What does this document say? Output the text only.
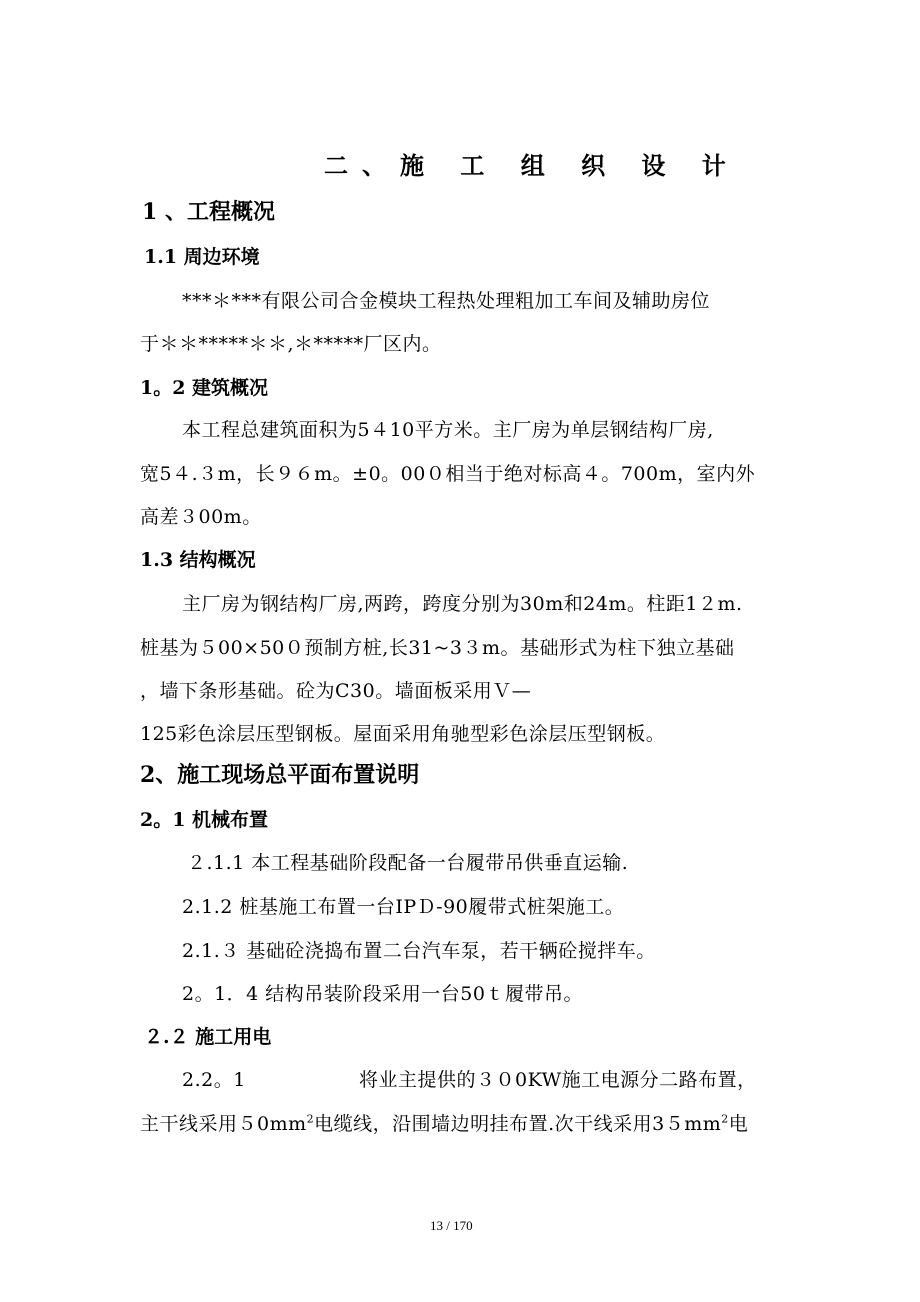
二、施 工 组 织 设 计
1 、工程概况
1.1 周边环境
***＊***有限公司合金模块工程热处理粗加工车间及辅助房位
于＊＊*****＊＊,＊*****厂区内。
1。2 建筑概况
本工程总建筑面积为5４10平方米。主厂房为单层钢结构厂房,
宽5４.３m，长９６m。±0。00０相当于绝对标高４。700m，室内外
高差３00m。
1.3 结构概况
主厂房为钢结构厂房,两跨，跨度分别为30m和24m。柱距1２m.
桩基为５00×50０预制方桩,长31~3３m。基础形式为柱下独立基础
，墙下条形基础。砼为C30。墙面板采用Ｖ—
125彩色涂层压型钢板。屋面采用角驰型彩色涂层压型钢板。
2、施工现场总平面布置说明
2。1 机械布置
２.1.1 本工程基础阶段配备一台履带吊供垂直运输.
2.1.2 桩基施工布置一台IPＤ-90履带式桩架施工。
2.1.３ 基础砼浇捣布置二台汽车泵，若干辆砼搅拌车。
2。1．4 结构吊装阶段采用一台50ｔ履带吊。
２.２ 施工用电
2.2。1	将业主提供的３０0KW施工电源分二路布置，
主干线采用$50mm^2$电缆线，沿围墙边明挂布置.次干线采用$35mm^2$电
13 / 170
